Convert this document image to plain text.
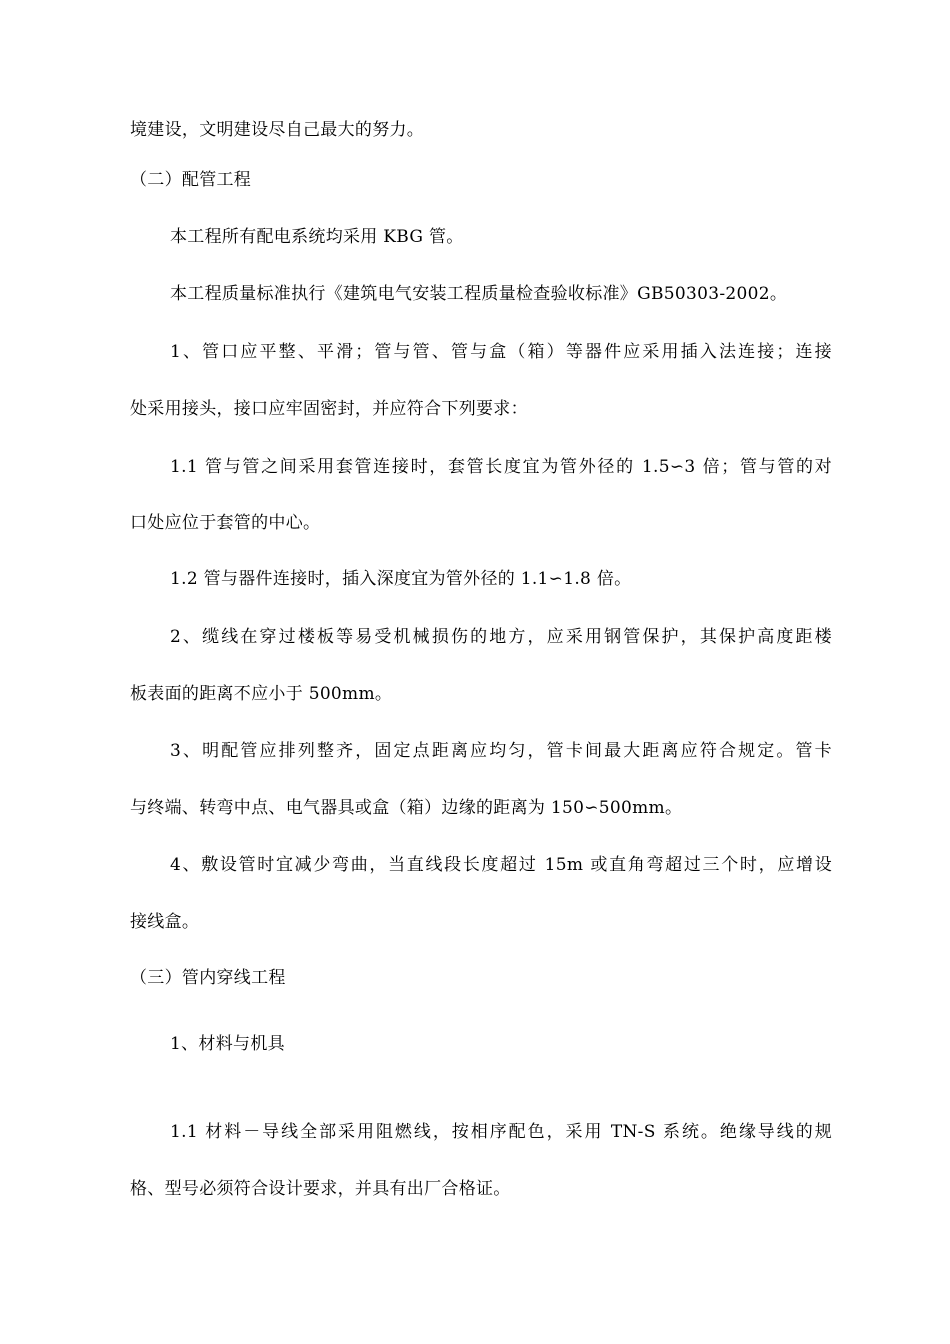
境建设，文明建设尽自己最大的努力。
（二）配管工程
本工程所有配电系统均采用 KBG 管。
本工程质量标准执行《建筑电气安装工程质量检查验收标准》GB50303-2002。
1、管口应平整、平滑；管与管、管与盒（箱）等器件应采用插入法连接；连接
处采用接头，接口应牢固密封，并应符合下列要求：
1.1 管与管之间采用套管连接时，套管长度宜为管外径的 1.5∽3 倍；管与管的对
口处应位于套管的中心。
1.2 管与器件连接时，插入深度宜为管外径的 1.1∽1.8 倍。
2、缆线在穿过楼板等易受机械损伤的地方，应采用钢管保护，其保护高度距楼
板表面的距离不应小于 500mm。
3、明配管应排列整齐，固定点距离应均匀，管卡间最大距离应符合规定。管卡
与终端、转弯中点、电气器具或盒（箱）边缘的距离为 150∽500mm。
4、敷设管时宜减少弯曲，当直线段长度超过 15m 或直角弯超过三个时，应增设
接线盒。
（三）管内穿线工程
1、材料与机具
1.1 材料－导线全部采用阻燃线，按相序配色，采用 TN-S 系统。绝缘导线的规
格、型号必须符合设计要求，并具有出厂合格证。
